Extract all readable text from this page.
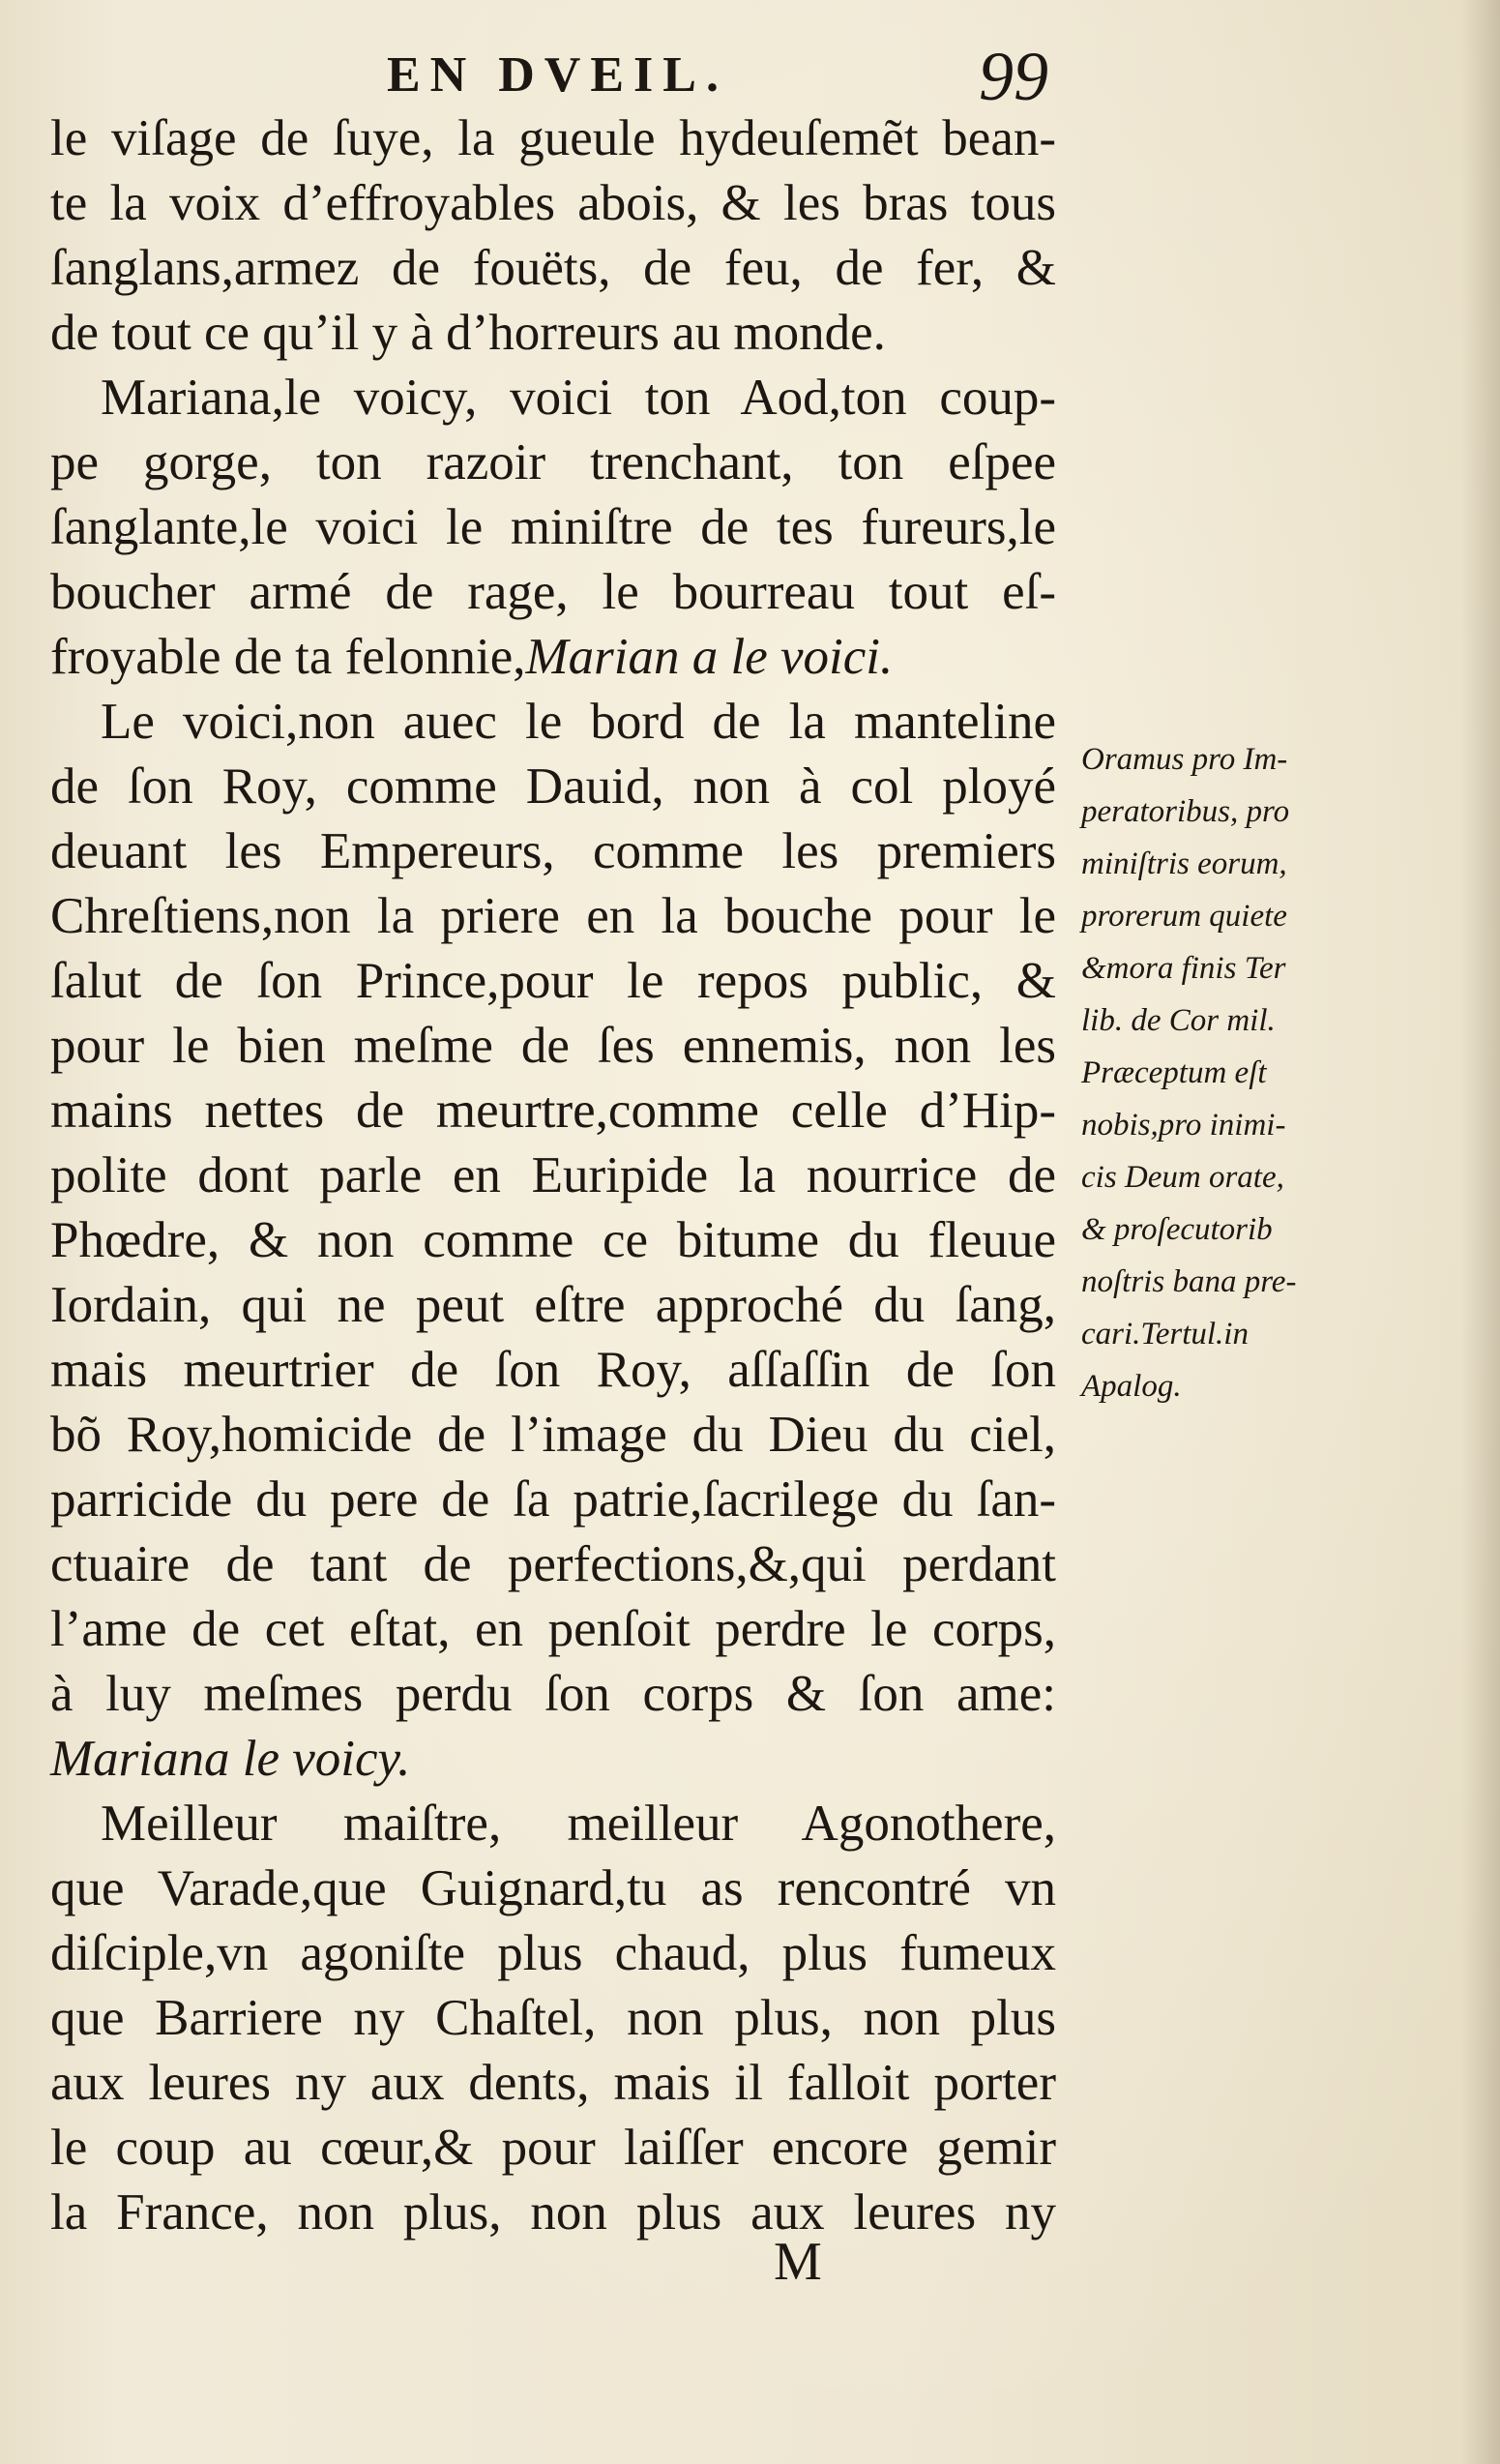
EN DVEIL.	99
le viſage de ſuye, la gueule hydeuſemẽt bean-
te la voix d’effroyables abois, & les bras tous
ſanglans,armez de fouëts, de feu, de fer, &
de tout ce qu’il y à d’horreurs au monde.
Mariana,le voicy, voici ton Aod,ton coup-
pe gorge, ton razoir trenchant, ton eſpee
ſanglante,le voici le miniſtre de tes fureurs,le
boucher armé de rage, le bourreau tout eſ-
froyable de ta felonnie,Marian a le voici.
Le voici,non auec le bord de la manteline
de ſon Roy, comme Dauid, non à col ployé
deuant les Empereurs, comme les premiers
Chreſtiens,non la priere en la bouche pour le
ſalut de ſon Prince,pour le repos public, &
pour le bien meſme de ſes ennemis, non les
mains nettes de meurtre,comme celle d’Hip-
polite dont parle en Euripide la nourrice de
Phœdre, & non comme ce bitume du fleuue
Iordain, qui ne peut eſtre approché du ſang,
mais meurtrier de ſon Roy, aſſaſſin de ſon
bõ Roy,homicide de l’image du Dieu du ciel,
parricide du pere de ſa patrie,ſacrilege du ſan-
ctuaire de tant de perfections,&,qui perdant
l’ame de cet eſtat, en penſoit perdre le corps,
à luy meſmes perdu ſon corps & ſon ame:
Mariana le voicy.
Meilleur maiſtre, meilleur Agonothere,
que Varade,que Guignard,tu as rencontré vn
diſciple,vn agoniſte plus chaud, plus fumeux
que Barriere ny Chaſtel, non plus, non plus
aux leures ny aux dents, mais il falloit porter
le coup au cœur,& pour laiſſer encore gemir
la France, non plus, non plus aux leures ny
Oramus pro Im-
peratoribus, pro
miniſtris eorum,
prorerum quiete
&mora finis Ter
lib. de Cor mil.
Præceptum eſt
nobis,pro inimi-
cis Deum orate,
& proſecutorib
noſtris bana pre-
cari.Tertul.in
Apalog.
M
